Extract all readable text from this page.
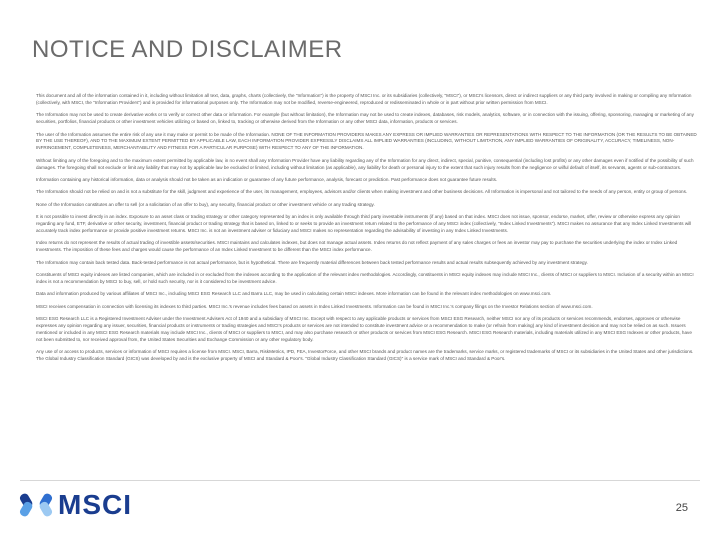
NOTICE AND DISCLAIMER

This document and all of the information contained in it, including without limitation all text, data, graphs, charts (collectively, the "Information") is the property of MSCI Inc. or its subsidiaries (collectively, "MSCI"), or MSCI's licensors, direct or indirect suppliers or any third party involved in making or compiling any Information (collectively, with MSCI, the "Information Providers") and is provided for informational purposes only. The Information may not be modified, reverse-engineered, reproduced or redisseminated in whole or in part without prior written permission from MSCI.

The Information may not be used to create derivative works or to verify or correct other data or information. For example (but without limitation), the Information may not be used to create indexes, databases, risk models, analytics, software, or in connection with the issuing, offering, sponsoring, managing or marketing of any securities, portfolios, financial products or other investment vehicles utilizing or based on, linked to, tracking or otherwise derived from the Information or any other MSCI data, information, products or services.

The user of the Information assumes the entire risk of any use it may make or permit to be made of the Information. NONE OF THE INFORMATION PROVIDERS MAKES ANY EXPRESS OR IMPLIED WARRANTIES OR REPRESENTATIONS WITH RESPECT TO THE INFORMATION (OR THE RESULTS TO BE OBTAINED BY THE USE THEREOF), AND TO THE MAXIMUM EXTENT PERMITTED BY APPLICABLE LAW, EACH INFORMATION PROVIDER EXPRESSLY DISCLAIMS ALL IMPLIED WARRANTIES (INCLUDING, WITHOUT LIMITATION, ANY IMPLIED WARRANTIES OF ORIGINALITY, ACCURACY, TIMELINESS, NON-INFRINGEMENT, COMPLETENESS, MERCHANTABILITY AND FITNESS FOR A PARTICULAR PURPOSE) WITH RESPECT TO ANY OF THE INFORMATION.

Without limiting any of the foregoing and to the maximum extent permitted by applicable law, in no event shall any Information Provider have any liability regarding any of the Information for any direct, indirect, special, punitive, consequential (including lost profits) or any other damages even if notified of the possibility of such damages. The foregoing shall not exclude or limit any liability that may not by applicable law be excluded or limited, including without limitation (as applicable), any liability for death or personal injury to the extent that such injury results from the negligence or wilful default of itself, its servants, agents or sub-contractors.

Information containing any historical information, data or analysis should not be taken as an indication or guarantee of any future performance, analysis, forecast or prediction. Past performance does not guarantee future results.

The Information should not be relied on and is not a substitute for the skill, judgment and experience of the user, its management, employees, advisors and/or clients when making investment and other business decisions. All Information is impersonal and not tailored to the needs of any person, entity or group of persons.

None of the Information constitutes an offer to sell (or a solicitation of an offer to buy), any security, financial product or other investment vehicle or any trading strategy.

It is not possible to invest directly in an index. Exposure to an asset class or trading strategy or other category represented by an index is only available through third party investable instruments (if any) based on that index. MSCI does not issue, sponsor, endorse, market, offer, review or otherwise express any opinion regarding any fund, ETF, derivative or other security, investment, financial product or trading strategy that is based on, linked to or seeks to provide an investment return related to the performance of any MSCI index (collectively, "Index Linked Investments"). MSCI makes no assurance that any Index Linked Investments will accurately track index performance or provide positive investment returns. MSCI Inc. is not an investment adviser or fiduciary and MSCI makes no representation regarding the advisability of investing in any Index Linked Investments.

Index returns do not represent the results of actual trading of investible assets/securities. MSCI maintains and calculates indexes, but does not manage actual assets. Index returns do not reflect payment of any sales charges or fees an investor may pay to purchase the securities underlying the index or Index Linked Investments. The imposition of these fees and charges would cause the performance of an Index Linked Investment to be different than the MSCI index performance.

The Information may contain back tested data. Back-tested performance is not actual performance, but is hypothetical. There are frequently material differences between back tested performance results and actual results subsequently achieved by any investment strategy.

Constituents of MSCI equity indexes are listed companies, which are included in or excluded from the indexes according to the application of the relevant index methodologies. Accordingly, constituents in MSCI equity indexes may include MSCI Inc., clients of MSCI or suppliers to MSCI. Inclusion of a security within an MSCI index is not a recommendation by MSCI to buy, sell, or hold such security, nor is it considered to be investment advice.

Data and information produced by various affiliates of MSCI Inc., including MSCI ESG Research LLC and Barra LLC, may be used in calculating certain MSCI indexes. More information can be found in the relevant index methodologies on www.msci.com.

MSCI receives compensation in connection with licensing its indexes to third parties. MSCI Inc.'s revenue includes fees based on assets in Index Linked Investments. Information can be found in MSCI Inc.'s company filings on the Investor Relations section of www.msci.com.

MSCI ESG Research LLC is a Registered Investment Adviser under the Investment Advisers Act of 1940 and a subsidiary of MSCI Inc. Except with respect to any applicable products or services from MSCI ESG Research, neither MSCI nor any of its products or services recommends, endorses, approves or otherwise expresses any opinion regarding any issuer, securities, financial products or instruments or trading strategies and MSCI's products or services are not intended to constitute investment advice or a recommendation to make (or refrain from making) any kind of investment decision and may not be relied on as such. Issuers mentioned or included in any MSCI ESG Research materials may include MSCI Inc., clients of MSCI or suppliers to MSCI, and may also purchase research or other products or services from MSCI ESG Research. MSCI ESG Research materials, including materials utilized in any MSCI ESG Indexes or other products, have not been submitted to, nor received approval from, the United States Securities and Exchange Commission or any other regulatory body.

Any use of or access to products, services or information of MSCI requires a license from MSCI. MSCI, Barra, RiskMetrics, IPD, FEA, InvestorForce, and other MSCI brands and product names are the trademarks, service marks, or registered trademarks of MSCI or its subsidiaries in the United States and other jurisdictions. The Global Industry Classification Standard (GICS) was developed by and is the exclusive property of MSCI and Standard & Poor's. "Global Industry Classification Standard (GICS)" is a service mark of MSCI and Standard & Poor's.

MSCI	25
